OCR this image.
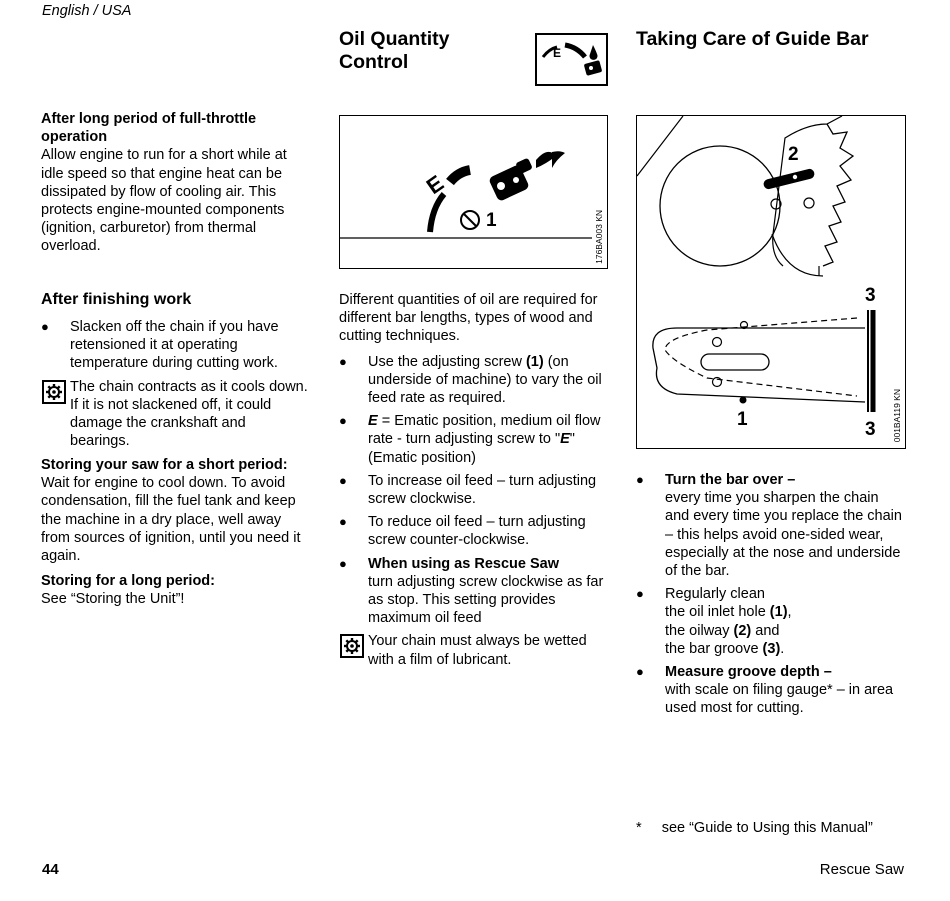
English / USA

After long period of full-throttle operation

Allow engine to run for a short while at idle speed so that engine heat can be dissipated by flow of cooling air. This protects engine-mounted components (ignition, carburetor) from thermal overload.

After finishing work
● Slacken off the chain if you have retensioned it at operating temperature during cutting work.
The chain contracts as it cools down. If it is not slackened off, it could damage the crankshaft and bearings.

Storing your saw for a short period:

Wait for engine to cool down. To avoid condensation, fill the fuel tank and keep the machine in a dry place, well away from sources of ignition, until you need it again.

Storing for a long period:

See “Storing the Unit”!

Oil Quantity
Control	E
E
1	176BA003 KN

Different quantities of oil are required for different bar lengths, types of wood and cutting techniques.

● Use the adjusting screw (1) (on underside of machine) to vary the oil feed rate as required.
● E = Ematic position, medium oil flow rate - turn adjusting screw to "E" (Ematic position)
● To increase oil feed – turn adjusting screw clockwise.
● To reduce oil feed – turn adjusting screw counter-clockwise.
● When using as Rescue Saw
turn adjusting screw clockwise as far as stop. This setting provides maximum oil feed
Your chain must always be wetted with a film of lubricant.
Taking Care of Guide Bar
2
3
1	3 001BA119 KN
● Turn the bar over –
every time you sharpen the chain and every time you replace the chain – this helps avoid one-sided wear, especially at the nose and underside of the bar.
● Regularly clean
the oil inlet hole (1),
the oilway (2) and
the bar groove (3).
● Measure groove depth –
with scale on filing gauge* – in area used most for cutting.
* see “Guide to Using this Manual”
44	Rescue Saw
